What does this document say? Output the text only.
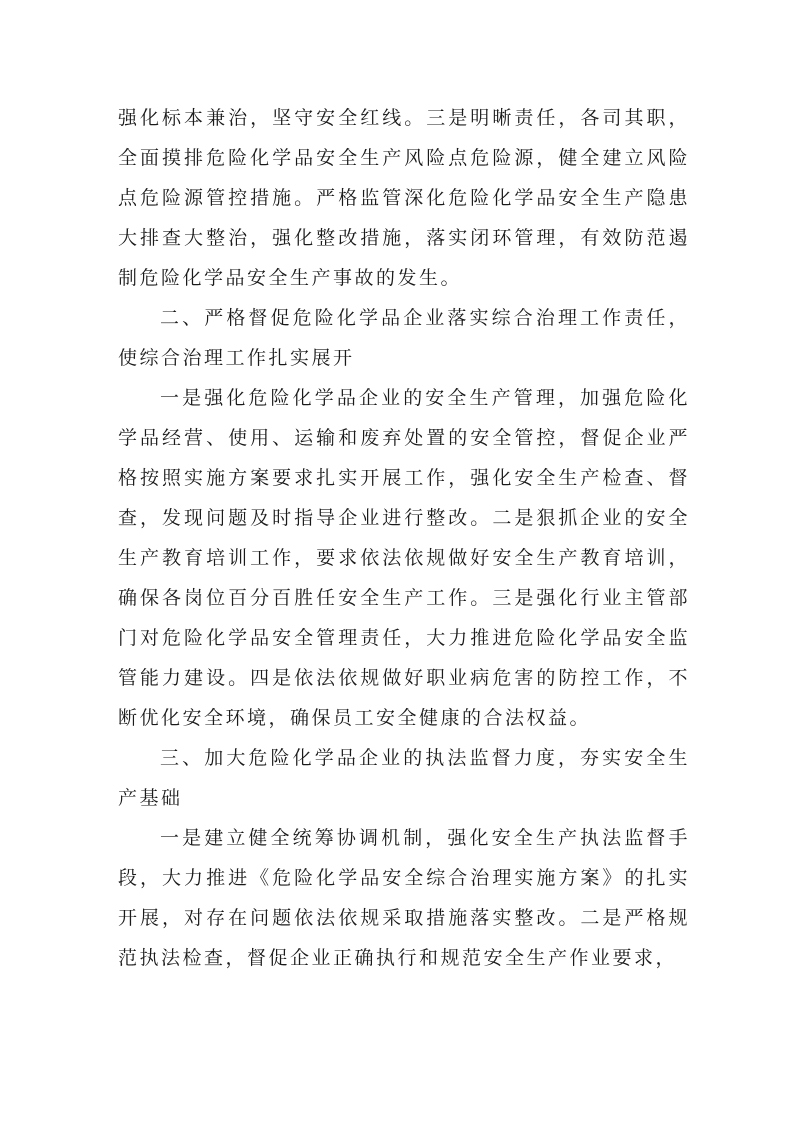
强化标本兼治，坚守安全红线。三是明晰责任，各司其职，全面摸排危险化学品安全生产风险点危险源，健全建立风险点危险源管控措施。严格监管深化危险化学品安全生产隐患大排查大整治，强化整改措施，落实闭环管理，有效防范遏制危险化学品安全生产事故的发生。

二、严格督促危险化学品企业落实综合治理工作责任，使综合治理工作扎实展开

一是强化危险化学品企业的安全生产管理，加强危险化学品经营、使用、运输和废弃处置的安全管控，督促企业严格按照实施方案要求扎实开展工作，强化安全生产检查、督查，发现问题及时指导企业进行整改。二是狠抓企业的安全生产教育培训工作，要求依法依规做好安全生产教育培训，确保各岗位百分百胜任安全生产工作。三是强化行业主管部门对危险化学品安全管理责任，大力推进危险化学品安全监管能力建设。四是依法依规做好职业病危害的防控工作，不断优化安全环境，确保员工安全健康的合法权益。

三、加大危险化学品企业的执法监督力度，夯实安全生产基础

一是建立健全统筹协调机制，强化安全生产执法监督手段，大力推进《危险化学品安全综合治理实施方案》的扎实开展，对存在问题依法依规采取措施落实整改。二是严格规范执法检查，督促企业正确执行和规范安全生产作业要求，
